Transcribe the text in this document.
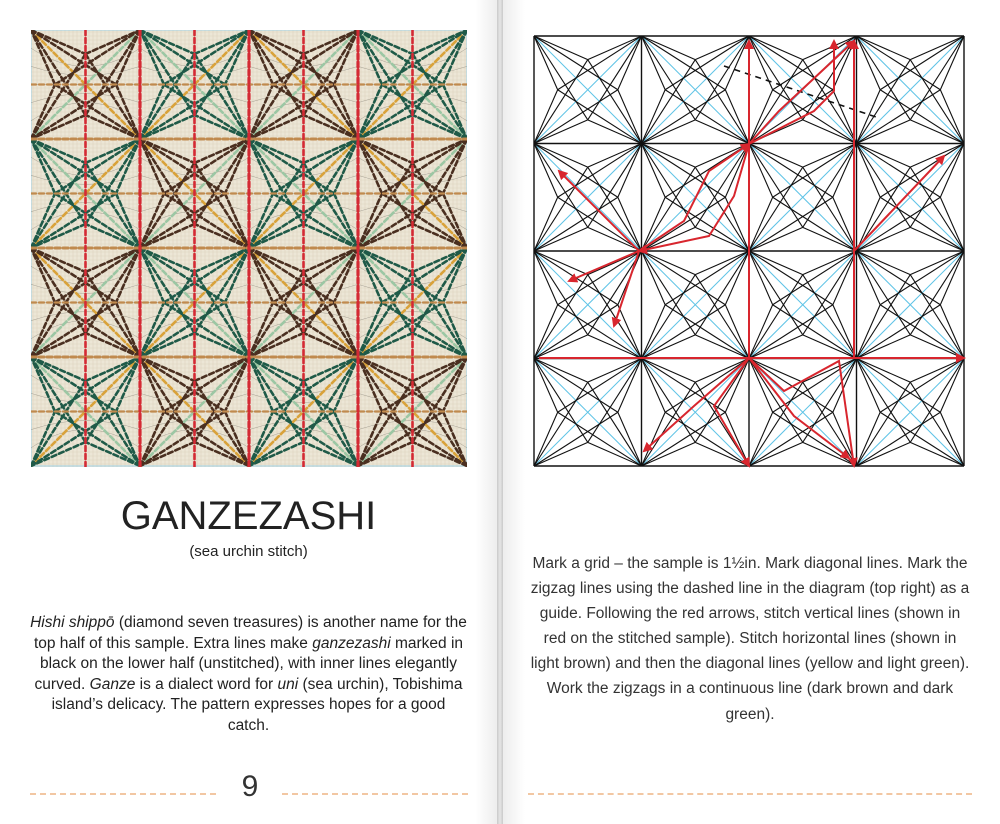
GANZEZASHI
(sea urchin stitch)

Hishi shippō (diamond seven treasures) is another name for the top half of this sample. Extra lines make ganzezashi marked in black on the lower half (unstitched), with inner lines elegantly curved. Ganze is a dialect word for uni (sea urchin), Tobishima island’s delicacy. The pattern expresses hopes for a good catch.

9

Mark a grid – the sample is 1½in. Mark diagonal lines. Mark the zigzag lines using the dashed line in the diagram (top right) as a guide. Following the red arrows, stitch vertical lines (shown in red on the stitched sample). Stitch horizontal lines (shown in light brown) and then the diagonal lines (yellow and light green). Work the zigzags in a continuous line (dark brown and dark green).
